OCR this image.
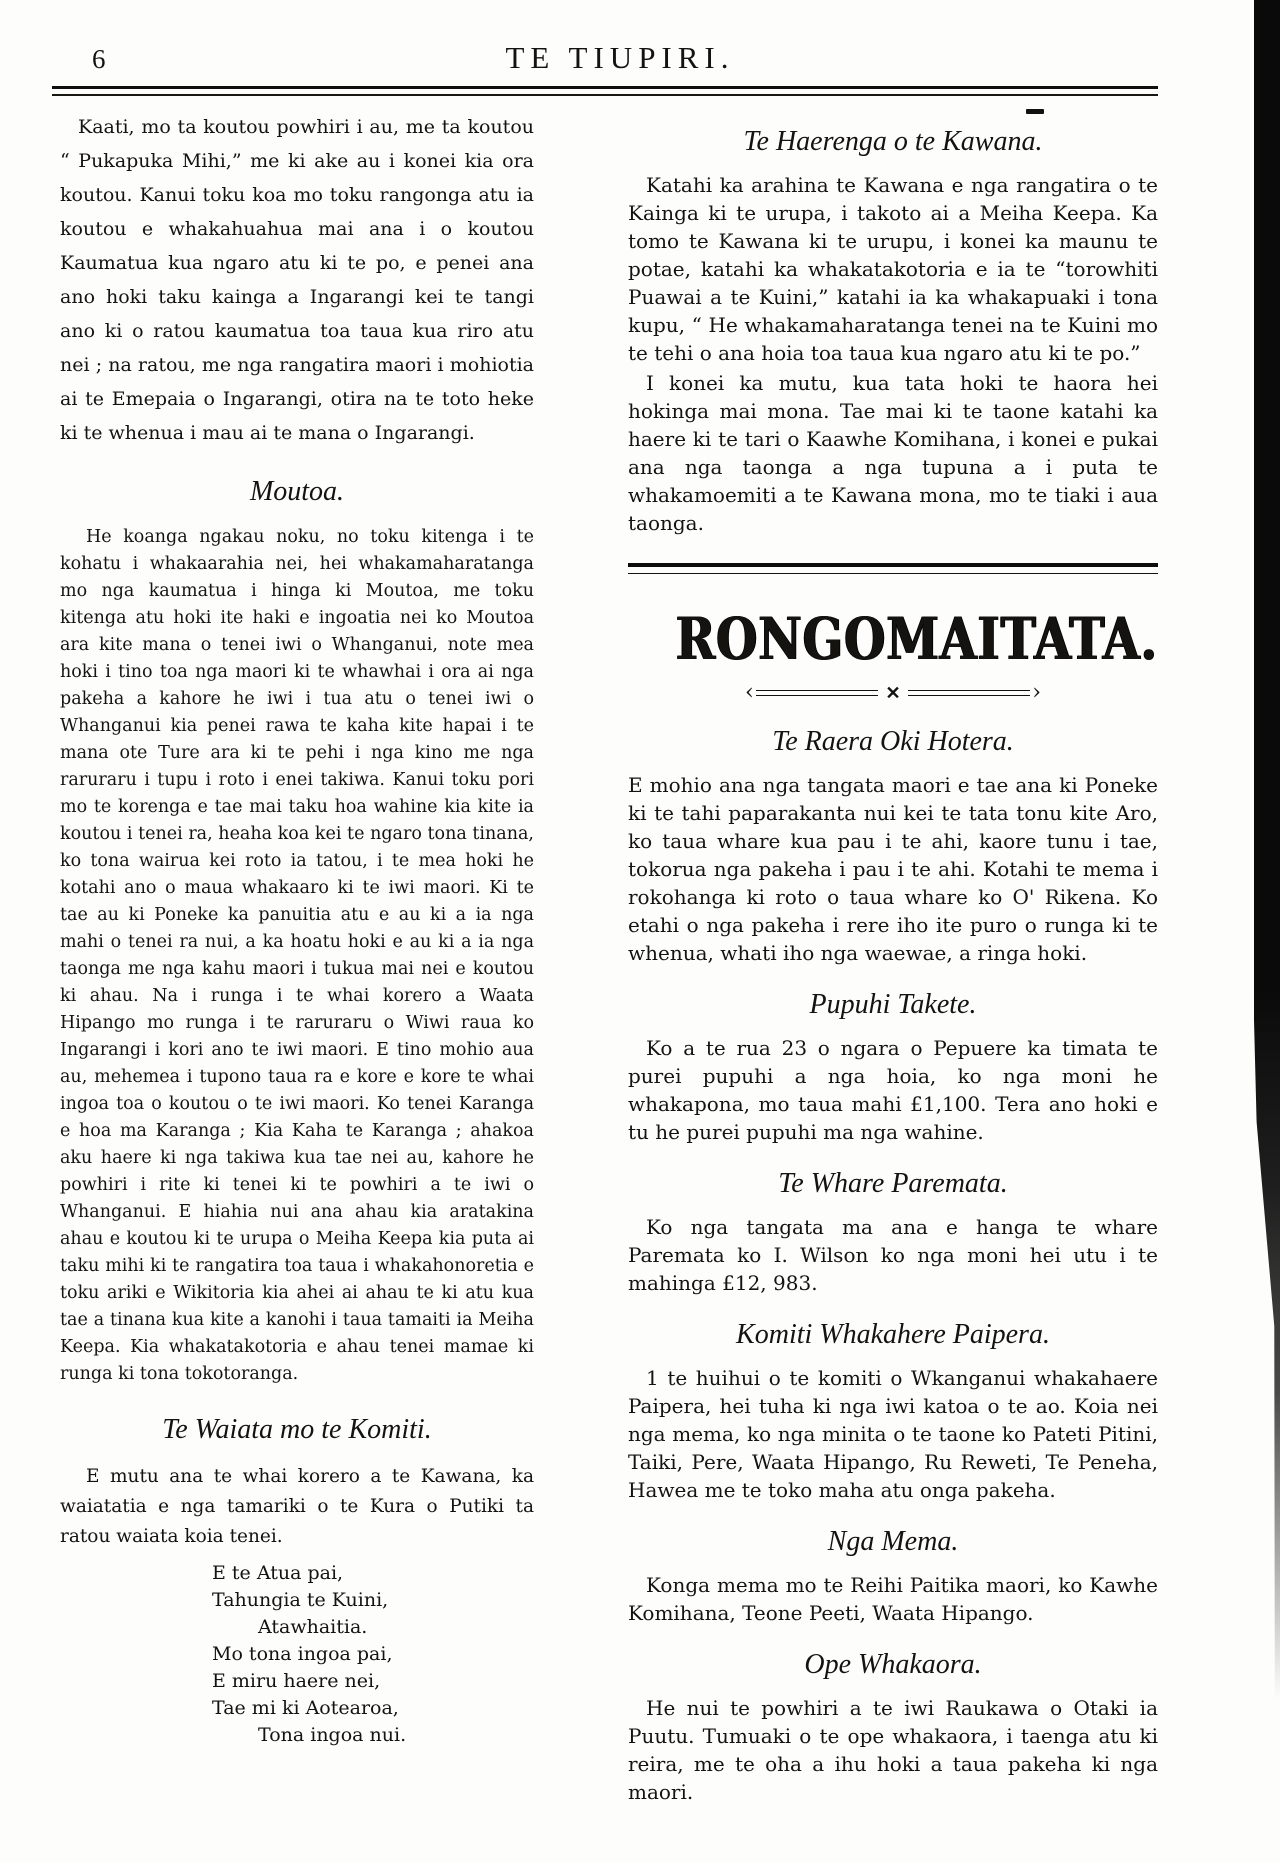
6	TE TIUPIRI.

Kaati, mo ta koutou powhiri i au, me ta koutou “ Pukapuka Mihi,” me ki ake au i konei kia ora koutou. Kanui toku koa mo toku rangonga atu ia koutou e whakahuahua mai ana i o koutou Kaumatua kua ngaro atu ki te po, e penei ana ano hoki taku kainga a Ingarangi kei te tangi ano ki o ratou kaumatua toa taua kua riro atu nei ; na ratou, me nga rangatira maori i mohiotia ai te Emepaia o Ingarangi, otira na te toto heke ki te whenua i mau ai te mana o Ingarangi.

Moutoa.

He koanga ngakau noku, no toku kitenga i te kohatu i whakaarahia nei, hei whakamaharatanga mo nga kaumatua i hinga ki Moutoa, me toku kitenga atu hoki ite haki e ingoatia nei ko Moutoa ara kite mana o tenei iwi o Whanganui, note mea hoki i tino toa nga maori ki te whawhai i ora ai nga pakeha a kahore he iwi i tua atu o tenei iwi o Whanganui kia penei rawa te kaha kite hapai i te mana ote Ture ara ki te pehi i nga kino me nga raruraru i tupu i roto i enei takiwa. Kanui toku pori mo te korenga e tae mai taku hoa wahine kia kite ia koutou i tenei ra, heaha koa kei te ngaro tona tinana, ko tona wairua kei roto ia tatou, i te mea hoki he kotahi ano o maua whakaaro ki te iwi maori. Ki te tae au ki Poneke ka panuitia atu e au ki a ia nga mahi o tenei ra nui, a ka hoatu hoki e au ki a ia nga taonga me nga kahu maori i tukua mai nei e koutou ki ahau. Na i runga i te whai korero a Waata Hipango mo runga i te raruraru o Wiwi raua ko Ingarangi i kori ano te iwi maori. E tino mohio aua au, mehemea i tupono taua ra e kore e kore te whai ingoa toa o koutou o te iwi maori. Ko tenei Karanga e hoa ma Karanga ; Kia Kaha te Karanga ; ahakoa aku haere ki nga takiwa kua tae nei au, kahore he powhiri i rite ki tenei ki te powhiri a te iwi o Whanganui. E hiahia nui ana ahau kia aratakina ahau e koutou ki te urupa o Meiha Keepa kia puta ai taku mihi ki te rangatira toa taua i whakahonoretia e toku ariki e Wikitoria kia ahei ai ahau te ki atu kua tae a tinana kua kite a kanohi i taua tamaiti ia Meiha Keepa. Kia whakatakotoria e ahau tenei mamae ki runga ki tona tokotoranga.

Te Waiata mo te Komiti.

E mutu ana te whai korero a te Kawana, ka waiatatia e nga tamariki o te Kura o Putiki ta ratou waiata koia tenei.

E te Atua pai,
Tahungia te Kuini,
Atawhaitia.
Mo tona ingoa pai,
E miru haere nei,
Tae mi ki Aotearoa,
Tona ingoa nui.
Te Haerenga o te Kawana.

Katahi ka arahina te Kawana e nga rangatira o te Kainga ki te urupa, i takoto ai a Meiha Keepa. Ka tomo te Kawana ki te urupu, i konei ka maunu te potae, katahi ka whakatakotoria e ia te “torowhiti Puawai a te Kuini,” katahi ia ka whakapuaki i tona kupu, “ He whakamaharatanga tenei na te Kuini mo te tehi o ana hoia toa taua kua ngaro atu ki te po.”

I konei ka mutu, kua tata hoki te haora hei hokinga mai mona. Tae mai ki te taone katahi ka haere ki te tari o Kaawhe Komihana, i konei e pukai ana nga taonga a nga tupuna a i puta te whakamoemiti a te Kawana mona, mo te tiaki i aua taonga.

RONGOMAITATA.
‹	✕	›
Te Raera Oki Hotera.

E mohio ana nga tangata maori e tae ana ki Poneke ki te tahi paparakanta nui kei te tata tonu kite Aro, ko taua whare kua pau i te ahi, kaore tunu i tae, tokorua nga pakeha i pau i te ahi. Kotahi te mema i rokohanga ki roto o taua whare ko O' Rikena. Ko etahi o nga pakeha i rere iho ite puro o runga ki te whenua, whati iho nga waewae, a ringa hoki.

Pupuhi Takete.

Ko a te rua 23 o ngara o Pepuere ka timata te purei pupuhi a nga hoia, ko nga moni he whakapona, mo taua mahi £1,100. Tera ano hoki e tu he purei pupuhi ma nga wahine.

Te Whare Paremata.

Ko nga tangata ma ana e hanga te whare Paremata ko I. Wilson ko nga moni hei utu i te mahinga £12, 983.

Komiti Whakahere Paipera.

1 te huihui o te komiti o Wkanganui whakahaere Paipera, hei tuha ki nga iwi katoa o te ao. Koia nei nga mema, ko nga minita o te taone ko Pateti Pitini, Taiki, Pere, Waata Hipango, Ru Reweti, Te Peneha, Hawea me te toko maha atu onga pakeha.

Nga Mema.

Konga mema mo te Reihi Paitika maori, ko Kawhe Komihana, Teone Peeti, Waata Hipango.

Ope Whakaora.

He nui te powhiri a te iwi Raukawa o Otaki ia Puutu. Tumuaki o te ope whakaora, i taenga atu ki reira, me te oha a ihu hoki a taua pakeha ki nga maori.
